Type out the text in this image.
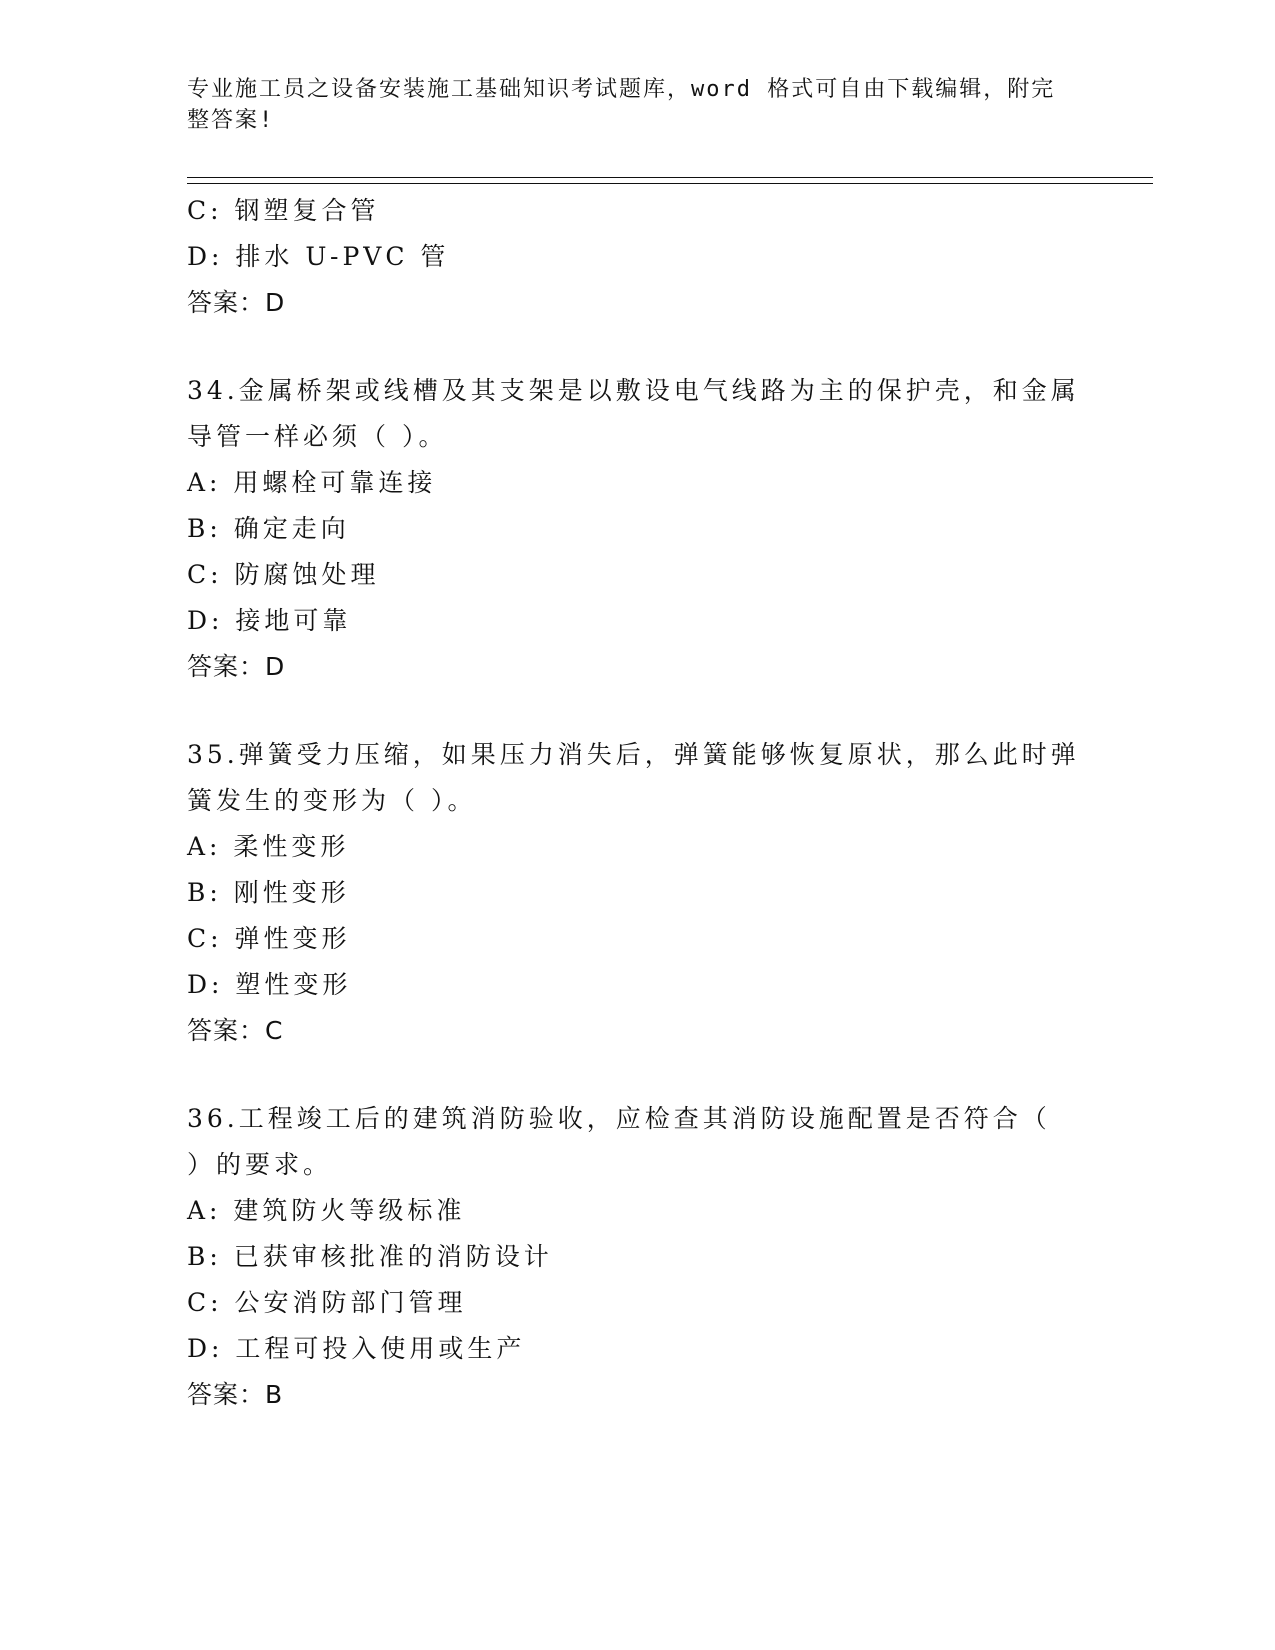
专业施工员之设备安装施工基础知识考试题库，word 格式可自由下载编辑，附完
整答案!
C: 钢塑复合管
D: 排水 U-PVC 管
答案：D
34.金属桥架或线槽及其支架是以敷设电气线路为主的保护壳，和金属
导管一样必须（ ）。
A: 用螺栓可靠连接
B: 确定走向
C: 防腐蚀处理
D: 接地可靠
答案：D
35.弹簧受力压缩，如果压力消失后，弹簧能够恢复原状，那么此时弹
簧发生的变形为（ ）。
A: 柔性变形
B: 刚性变形
C: 弹性变形
D: 塑性变形
答案：C
36.工程竣工后的建筑消防验收，应检查其消防设施配置是否符合（
）的要求。
A: 建筑防火等级标准
B: 已获审核批准的消防设计
C: 公安消防部门管理
D: 工程可投入使用或生产
答案：B
